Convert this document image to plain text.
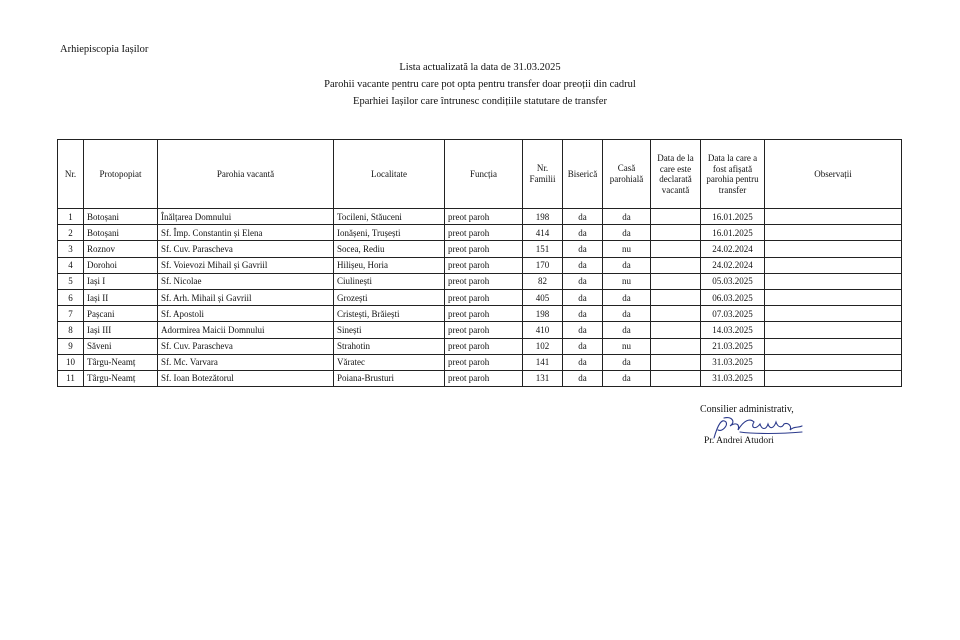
Arhiepiscopia Iașilor
Lista actualizată la data de 31.03.2025
Parohii vacante pentru care pot opta pentru transfer doar preoții din cadrul
Eparhiei Iașilor care întrunesc condițiile statutare de transfer
Nr.	Protopopiat	Parohia vacantă	Localitate	Funcția	Nr. Familii	Biserică	Casă parohială	Data de la care este declarată vacantă	Data la care a fost afișată parohia pentru transfer	Observații
1	Botoșani	Înălțarea Domnului	Tocileni, Stăuceni	preot paroh	198	da	da		16.01.2025	
2	Botoșani	Sf. Împ. Constantin și Elena	Ionășeni, Trușești	preot paroh	414	da	da		16.01.2025	
3	Roznov	Sf. Cuv. Parascheva	Socea, Rediu	preot paroh	151	da	nu		24.02.2024	
4	Dorohoi	Sf. Voievozi Mihail și Gavriil	Hilișeu, Horia	preot paroh	170	da	da		24.02.2024	
5	Iași I	Sf. Nicolae	Ciulinești	preot paroh	82	da	nu		05.03.2025	
6	Iași II	Sf. Arh. Mihail și Gavriil	Grozești	preot paroh	405	da	da		06.03.2025	
7	Pașcani	Sf. Apostoli	Cristești, Brăiești	preot paroh	198	da	da		07.03.2025	
8	Iași III	Adormirea Maicii Domnului	Sinești	preot paroh	410	da	da		14.03.2025	
9	Săveni	Sf. Cuv. Parascheva	Strahotin	preot paroh	102	da	nu		21.03.2025	
10	Târgu-Neamț	Sf. Mc. Varvara	Văratec	preot paroh	141	da	da		31.03.2025	
11	Târgu-Neamț	Sf. Ioan Botezătorul	Poiana-Brusturi	preot paroh	131	da	da		31.03.2025	
Consilier administrativ,
Pr. Andrei Atudori
